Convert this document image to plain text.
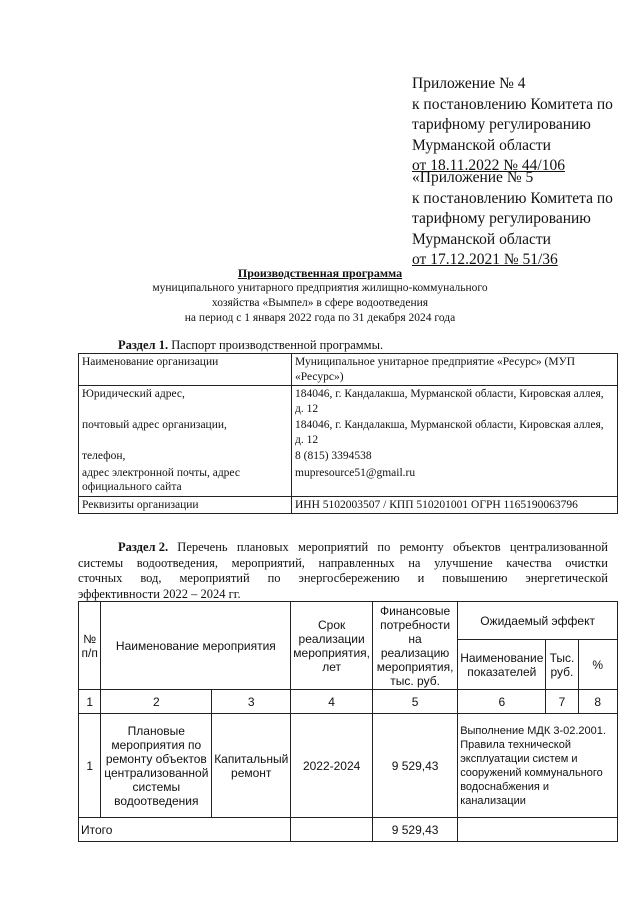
Приложение № 4
к постановлению Комитета по
тарифному регулированию
Мурманской области
от 18.11.2022 № 44/106
«Приложение № 5
к постановлению Комитета по
тарифному регулированию
Мурманской области
от 17.12.2021 № 51/36
Производственная программа
муниципального унитарного предприятия жилищно-коммунального
хозяйства «Вымпел» в сфере водоотведения
на период с 1 января 2022 года по 31 декабря 2024 года
Раздел 1. Паспорт производственной программы.
Наименование организации	Муниципальное унитарное предприятие «Ресурс» (МУП «Ресурс»)
Юридический адрес,	184046, г. Кандалакша, Мурманской области, Кировская аллея, д. 12
почтовый адрес организации,	184046, г. Кандалакша, Мурманской области, Кировская аллея, д. 12
телефон,	8 (815) 3394538
адрес электронной почты, адрес официального сайта	mupresource51@gmail.ru
Реквизиты организации	ИНН 5102003507 / КПП 510201001 ОГРН 1165190063796
Раздел 2. Перечень плановых мероприятий по ремонту объектов централизованной
системы водоотведения, мероприятий, направленных на улучшение качества очистки
сточных вод, мероприятий по энергосбережению и повышению энергетической
эффективности 2022 – 2024 гг.
№ п/п	Наименование мероприятия		Срок реализации мероприятия, лет	Финансовые потребности на реализацию мероприятия, тыс. руб.	Ожидаемый эффект		
					Наименование показателей	Тыс. руб.	%
1	2	3	4	5	6	7	8
1	Плановые мероприятия по ремонту объектов централизованной системы водоотведения	Капитальный ремонт	2022-2024	9 529,43	Выполнение МДК 3-02.2001. Правила технической эксплуатации систем и сооружений коммунального водоснабжения и канализации		
Итого				9 529,43			
